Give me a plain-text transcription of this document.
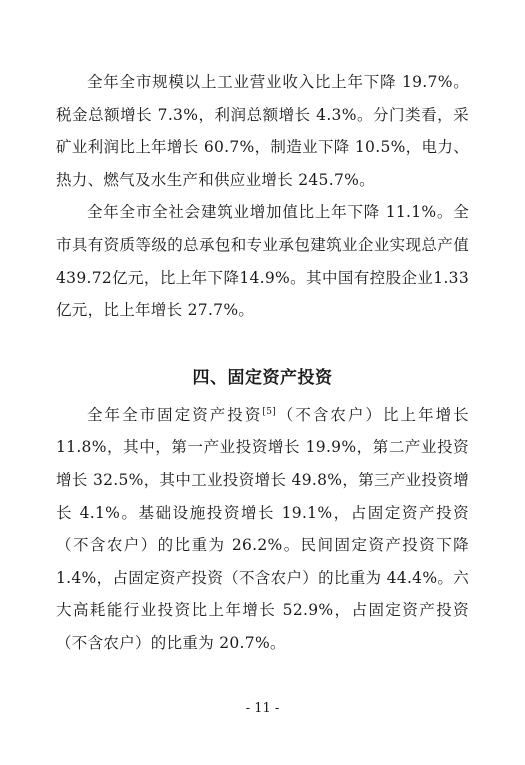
全年全市规模以上工业营业收入比上年下降 19.7%。税金总额增长 7.3%，利润总额增长 4.3%。分门类看，采矿业利润比上年增长 60.7%，制造业下降 10.5%，电力、热力、燃气及水生产和供应业增长 245.7%。

全年全市全社会建筑业增加值比上年下降 11.1%。全市具有资质等级的总承包和专业承包建筑业企业实现总产值439.72亿元，比上年下降14.9%。其中国有控股企业1.33亿元，比上年增长 27.7%。

四、固定资产投资

全年全市固定资产投资[5]（不含农户）比上年增长 11.8%，其中，第一产业投资增长 19.9%，第二产业投资增长 32.5%，其中工业投资增长 49.8%，第三产业投资增长 4.1%。基础设施投资增长 19.1%，占固定资产投资（不含农户）的比重为 26.2%。民间固定资产投资下降 1.4%，占固定资产投资（不含农户）的比重为 44.4%。六大高耗能行业投资比上年增长 52.9%，占固定资产投资（不含农户）的比重为 20.7%。

- 11 -
